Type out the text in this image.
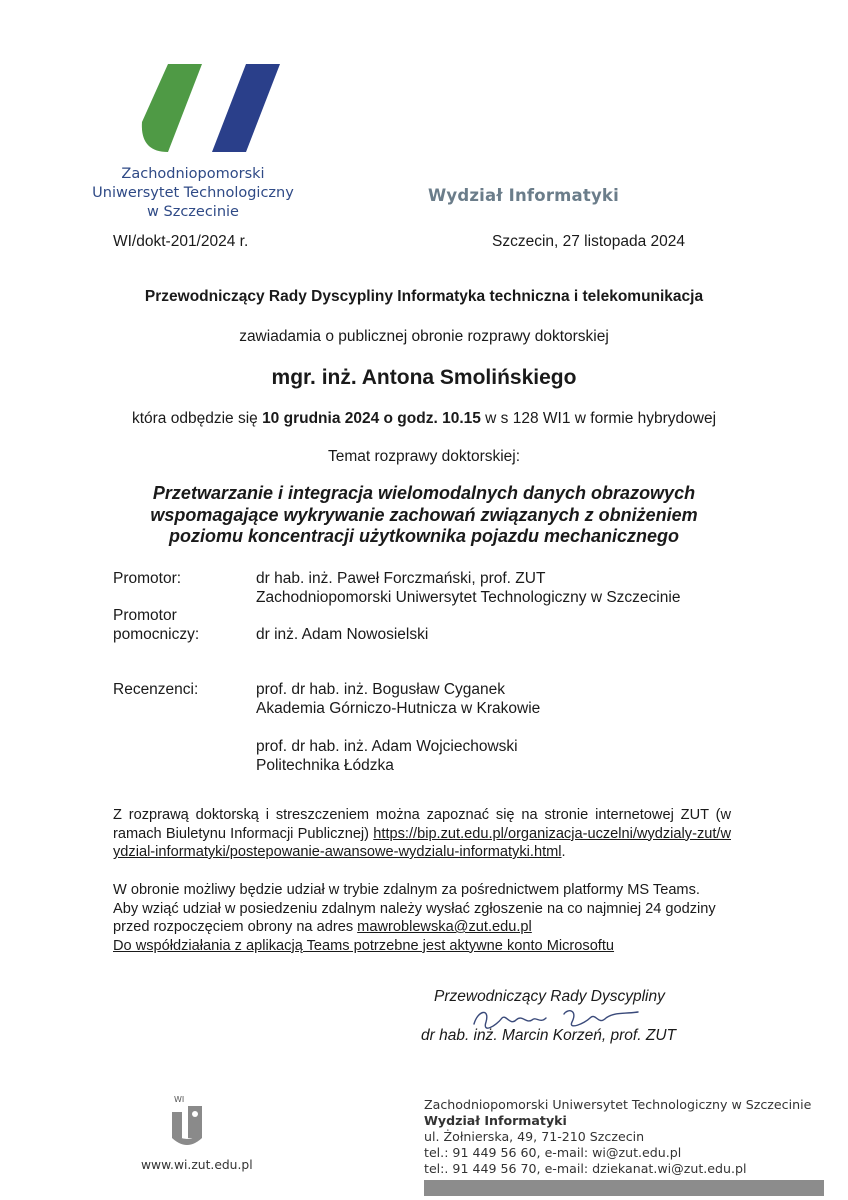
Zachodniopomorski
Uniwersytet Technologiczny
w Szczecinie
Wydział Informatyki
WI/dokt-201/2024 r.	Szczecin, 27 listopada 2024
Przewodniczący Rady Dyscypliny Informatyka techniczna i telekomunikacja
zawiadamia o publicznej obronie rozprawy doktorskiej
mgr. inż. Antona Smolińskiego
która odbędzie się 10 grudnia 2024 o godz. 10.15 w s 128 WI1 w formie hybrydowej
Temat rozprawy doktorskiej:
Przetwarzanie i integracja wielomodalnych danych obrazowych
wspomagające wykrywanie zachowań związanych z obniżeniem
poziomu koncentracji użytkownika pojazdu mechanicznego
Promotor:	dr hab. inż. Paweł Forczmański, prof. ZUT
Zachodniopomorski Uniwersytet Technologiczny w Szczecinie
Promotor
pomocniczy:	dr inż. Adam Nowosielski
Recenzenci:	prof. dr hab. inż. Bogusław Cyganek
Akademia Górniczo-Hutnicza w Krakowie
prof. dr hab. inż. Adam Wojciechowski
Politechnika Łódzka
Z rozprawą doktorską i streszczeniem można zapoznać się na stronie internetowej ZUT (w ramach Biuletynu Informacji Publicznej) https://bip.zut.edu.pl/organizacja-uczelni/wydzialy-zut/wydzial-informatyki/postepowanie-awansowe-wydzialu-informatyki.html.
W obronie możliwy będzie udział w trybie zdalnym za pośrednictwem platformy MS Teams.
Aby wziąć udział w posiedzeniu zdalnym należy wysłać zgłoszenie na co najmniej 24 godziny
przed rozpoczęciem obrony na adres mawroblewska@zut.edu.pl
Do współdziałania z aplikacją Teams potrzebne jest aktywne konto Microsoftu
Przewodniczący Rady Dyscypliny
dr hab. inż. Marcin Korzeń, prof. ZUT
WI
www.wi.zut.edu.pl
Zachodniopomorski Uniwersytet Technologiczny w Szczecinie
Wydział Informatyki
ul. Żołnierska, 49, 71-210 Szczecin
tel.: 91 449 56 60, e-mail: wi@zut.edu.pl
tel:. 91 449 56 70, e-mail: dziekanat.wi@zut.edu.pl
